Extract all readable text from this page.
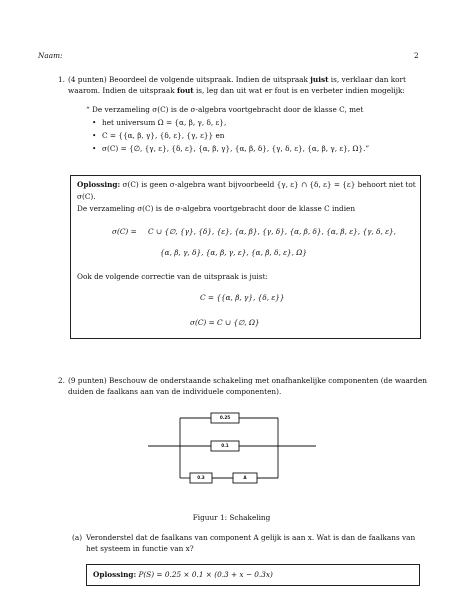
Naam:	2
1. (4 punten) Beoordeel de volgende uitspraak. Indien de uitspraak juist is, verklaar dan kort
waarom. Indien de uitspraak fout is, leg dan uit wat er fout is en verbeter indien mogelijk:
“ De verzameling σ(C) is de σ-algebra voortgebracht door de klasse C, met
• het universum Ω = {α, β, γ, δ, ε},
• C = {{α, β, γ}, {δ, ε}, {γ, ε}} en
• σ(C) = {∅, {γ, ε}, {δ, ε}, {α, β, γ}, {α, β, δ}, {γ, δ, ε}, {α, β, γ, ε}, Ω}.”
Oplossing: σ(C) is geen σ-algebra want bijvoorbeeld {γ, ε} ∩ {δ, ε} = {ε} behoort niet tot
σ(C).
De verzameling σ(C) is de σ-algebra voortgebracht door de klasse C indien
σ(C) = C ∪ {∅, {γ}, {δ}, {ε}, {α, β}, {γ, δ}, {α, β, δ}, {α, β, ε}, {γ, δ, ε},
{α, β, γ, δ}, {α, β, γ, ε}, {α, β, δ, ε}, Ω}
Ook de volgende correctie van de uitspraak is juist:
C = {{α, β, γ}, {δ, ε}}
σ(C) = C ∪ {∅, Ω}
2. (9 punten) Beschouw de onderstaande schakeling met onafhankelijke componenten (de waarden
duiden de faalkans aan van de individuele componenten).
0.25
0.1
0.3	A
Figuur 1: Schakeling
(a) Veronderstel dat de faalkans van component A gelijk is aan x. Wat is dan de faalkans van
het systeem in functie van x?
Oplossing: P(S) = 0.25 × 0.1 × (0.3 + x − 0.3x)
